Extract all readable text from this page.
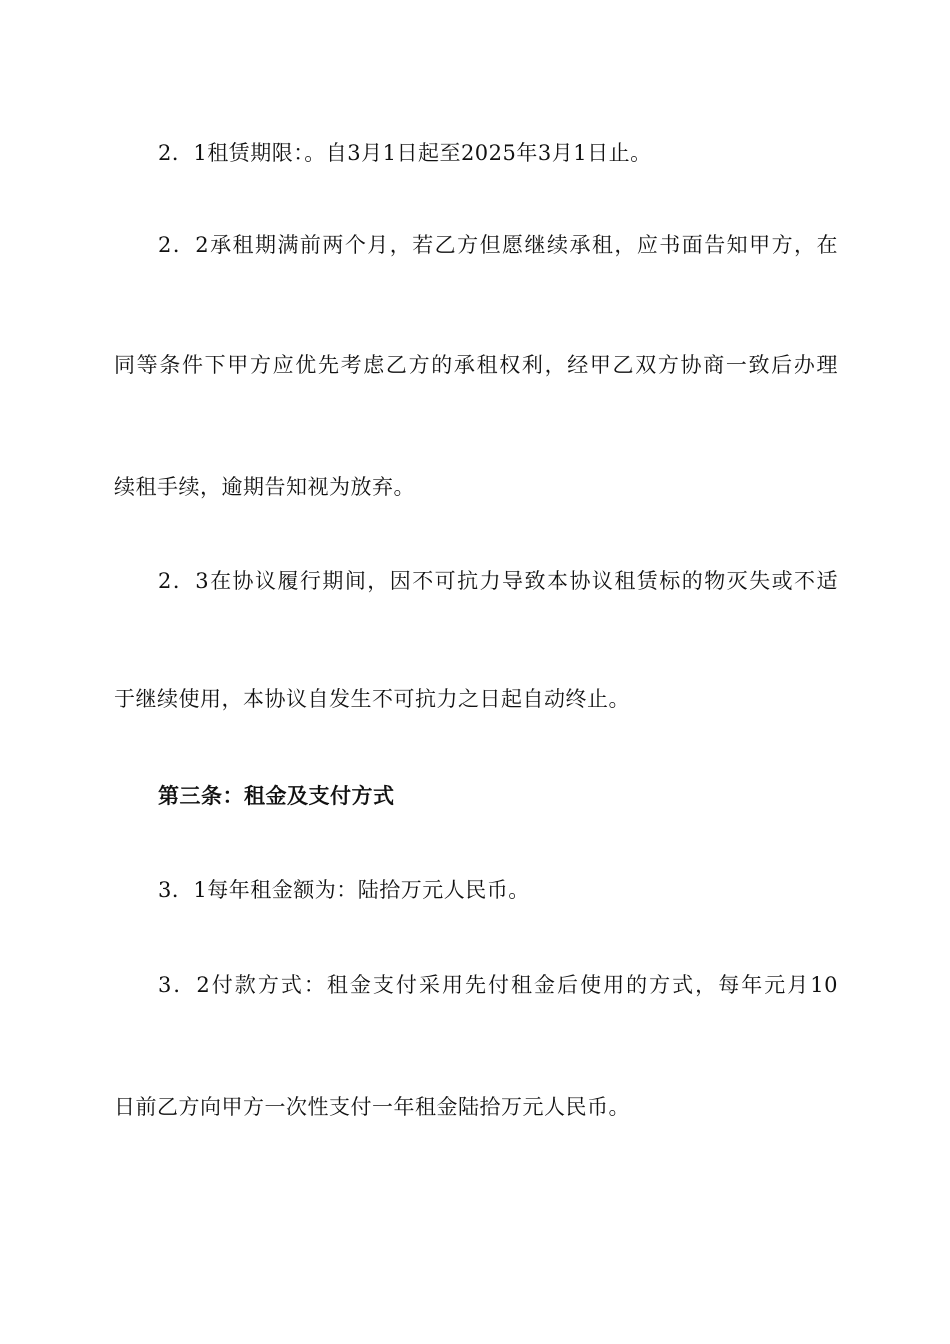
2．1租赁期限：。自3月1日起至2025年3月1日止。
2．2承租期满前两个月，若乙方但愿继续承租，应书面告知甲方，在
同等条件下甲方应优先考虑乙方的承租权利，经甲乙双方协商一致后办理
续租手续，逾期告知视为放弃。
2．3在协议履行期间，因不可抗力导致本协议租赁标的物灭失或不适
于继续使用，本协议自发生不可抗力之日起自动终止。
第三条：租金及支付方式
3．1每年租金额为：陆拾万元人民币。
3．2付款方式：租金支付采用先付租金后使用的方式，每年元月10
日前乙方向甲方一次性支付一年租金陆拾万元人民币。
